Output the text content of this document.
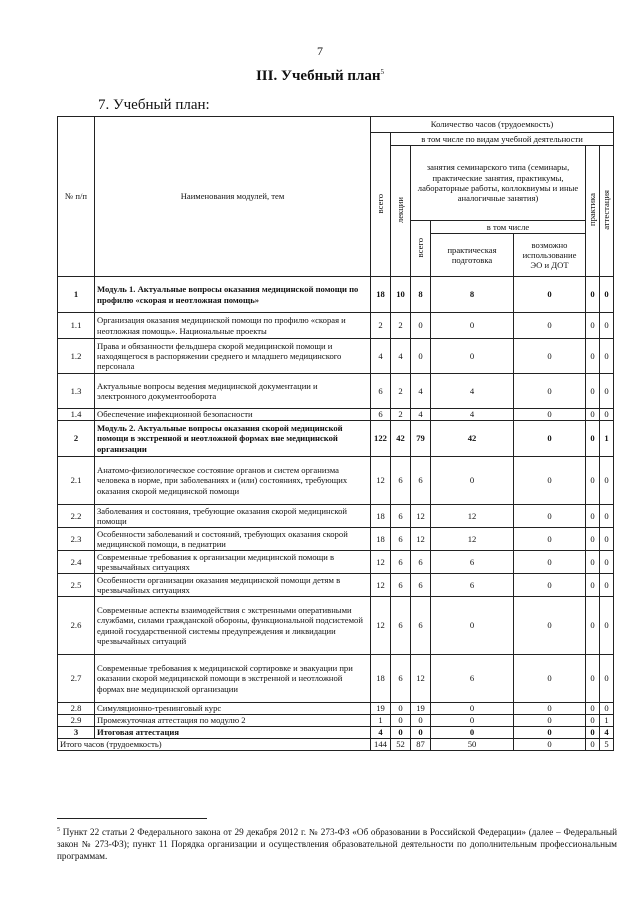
7
III. Учебный план$^5$
7. Учебный план:
№ п/п	Наименования модулей, тем	Количество часов (трудоемкость)						
		всего	в том числе по видам учебной деятельности					
			лекции	занятия семинарского типа (семинары, практические занятия, практикумы, лабораторные работы, коллоквиумы и иные аналогичные занятия)			практика	аттестация
				всего	в том числе			
					практическая подготовка	возможно использование ЭО и ДОТ		
1	Модуль 1. Актуальные вопросы оказания медицинской помощи по профилю «скорая и неотложная помощь»	18	10	8	8	0	0	0
1.1	Организация оказания медицинской помощи по профилю «скорая и неотложная помощь». Национальные проекты	2	2	0	0	0	0	0
1.2	Права и обязанности фельдшера скорой медицинской помощи и находящегося в распоряжении среднего и младшего медицинского персонала	4	4	0	0	0	0	0
1.3	Актуальные вопросы ведения медицинской документации и электронного документооборота	6	2	4	4	0	0	0
1.4	Обеспечение инфекционной безопасности	6	2	4	4	0	0	0
2	Модуль 2. Актуальные вопросы оказания скорой медицинской помощи в экстренной и неотложной формах вне медицинской организации	122	42	79	42	0	0	1
2.1	Анатомо-физиологическое состояние органов и систем организма человека в норме, при заболеваниях и (или) состояниях, требующих оказания скорой медицинской помощи	12	6	6	0	0	0	0
2.2	Заболевания и состояния, требующие оказания скорой медицинской помощи	18	6	12	12	0	0	0
2.3	Особенности заболеваний и состояний, требующих оказания скорой медицинской помощи, в педиатрии	18	6	12	12	0	0	0
2.4	Современные требования к организации медицинской помощи в чрезвычайных ситуациях	12	6	6	6	0	0	0
2.5	Особенности организации оказания медицинской помощи детям в чрезвычайных ситуациях	12	6	6	6	0	0	0
2.6	Современные аспекты взаимодействия с экстренными оперативными службами, силами гражданской обороны, функциональной подсистемой единой государственной системы предупреждения и ликвидации чрезвычайных ситуаций	12	6	6	0	0	0	0
2.7	Современные требования к медицинской сортировке и эвакуации при оказании скорой медицинской помощи в экстренной и неотложной формах вне медицинской организации	18	6	12	6	0	0	0
2.8	Симуляционно-тренинговый курс	19	0	19	0	0	0	0
2.9	Промежуточная аттестация по модулю 2	1	0	0	0	0	0	1
3	Итоговая аттестация	4	0	0	0	0	0	4
Итого часов (трудоемкость)		144	52	87	50	0	0	5
$^5$ Пункт 22 статьи 2 Федерального закона от 29 декабря 2012 г. № 273-ФЗ «Об образовании в Российской Федерации» (далее – Федеральный закон № 273-ФЗ); пункт 11 Порядка организации и осуществления образовательной деятельности по дополнительным профессиональным программам.
